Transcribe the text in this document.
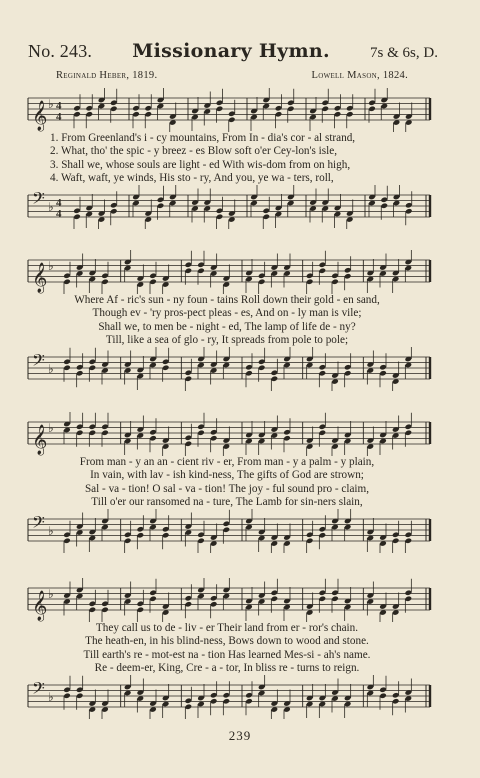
No. 243. Missionary Hymn.	7s & 6s, D.
Reginald Heber, 1819.	Lowell Mason, 1824.
𝄞 ♭ 4
4
1. From Greenland's i - cy mountains, From In - dia's cor - al strand,
2. What, tho' the spic - y breez - es Blow soft o'er Cey-lon's isle,
3. Shall we, whose souls are light - ed With wis-dom from on high,
4. Waft, waft, ye winds, His sto - ry, And you, ye wa - ters, roll,
𝄢 ♭ 4
4
𝄞 ♭
Where Af - ric's sun - ny foun - tains Roll down their gold - en sand,
Though ev - 'ry pros-pect pleas - es, And on - ly man is vile;
Shall we, to men be - night - ed, The lamp of life de - ny?
Till, like a sea of glo - ry, It spreads from pole to pole;
𝄢 ♭
𝄞 ♭
From man - y an an - cient riv - er, From man - y a palm - y plain,
In vain, with lav - ish kind-ness, The gifts of God are strown;
Sal - va - tion! O sal - va - tion! The joy - ful sound pro - claim,
Till o'er our ransomed na - ture, The Lamb for sin-ners slain,
𝄢 ♭
𝄞 ♭
They call us to de - liv - er Their land from er - ror's chain.
The heath-en, in his blind-ness, Bows down to wood and stone.
Till earth's re - mot-est na - tion Has learned Mes-si - ah's name.
Re - deem-er, King, Cre - a - tor, In bliss re - turns to reign.
𝄢 ♭
239
